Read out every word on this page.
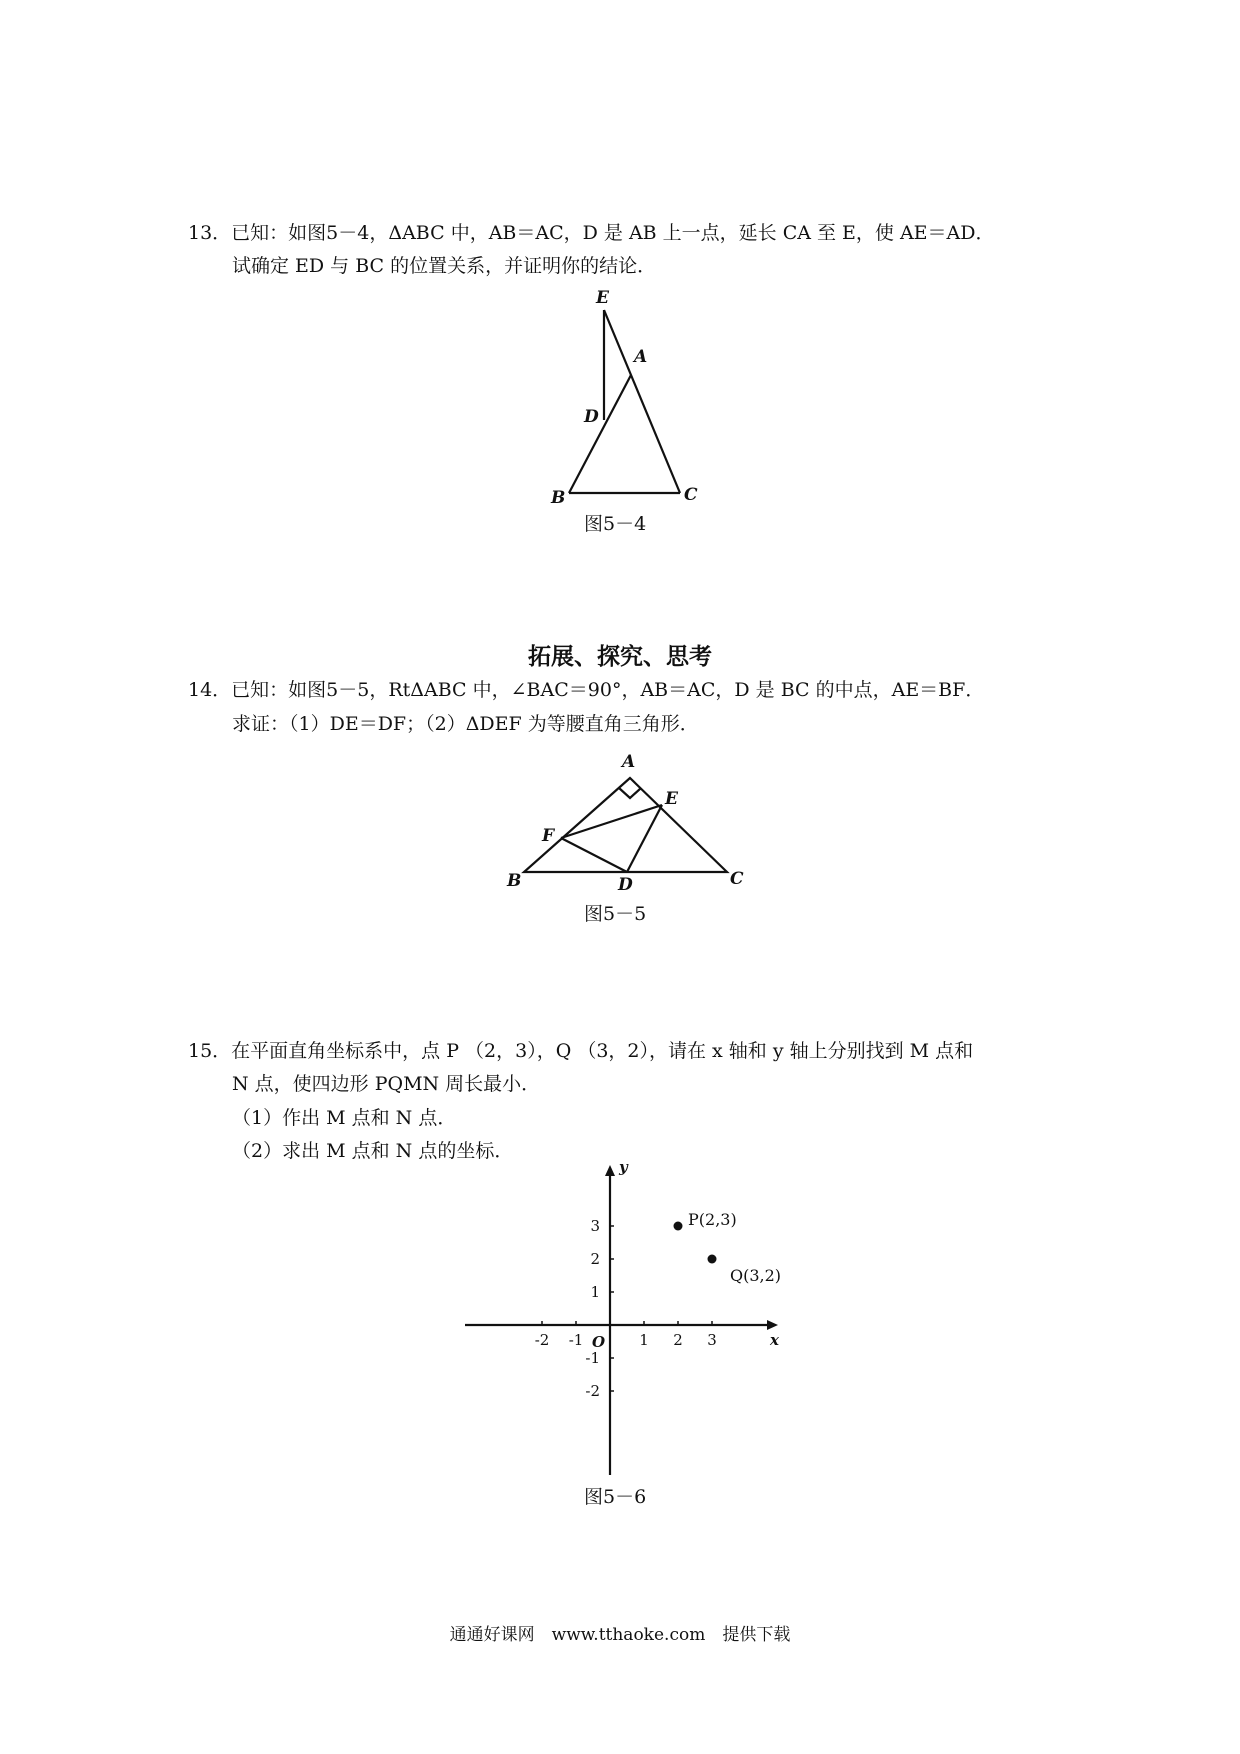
13．已知：如图5－4，ΔABC 中，AB＝AC，D 是 AB 上一点，延长 CA 至 E，使 AE＝AD．
试确定 ED 与 BC 的位置关系，并证明你的结论．
E
A
D
B	C
图5－4
拓展、探究、思考
14．已知：如图5－5，RtΔABC 中，∠BAC＝90°，AB＝AC，D 是 BC 的中点，AE＝BF．
求证：（1）DE＝DF；（2）ΔDEF 为等腰直角三角形．
A
E
F
B	D	C
图5－5
15．在平面直角坐标系中，点 P （2，3），Q （3，2），请在 x 轴和 y 轴上分别找到 M 点和
N 点，使四边形 PQMN 周长最小．
（1）作出 M 点和 N 点．
（2）求出 M 点和 N 点的坐标．
x
y
O
-2 -1	1 2 3
3
2
1
-1
-2
P(2,3)
Q(3,2)
图5－6
通通好课网　www.tthaoke.com　提供下载
